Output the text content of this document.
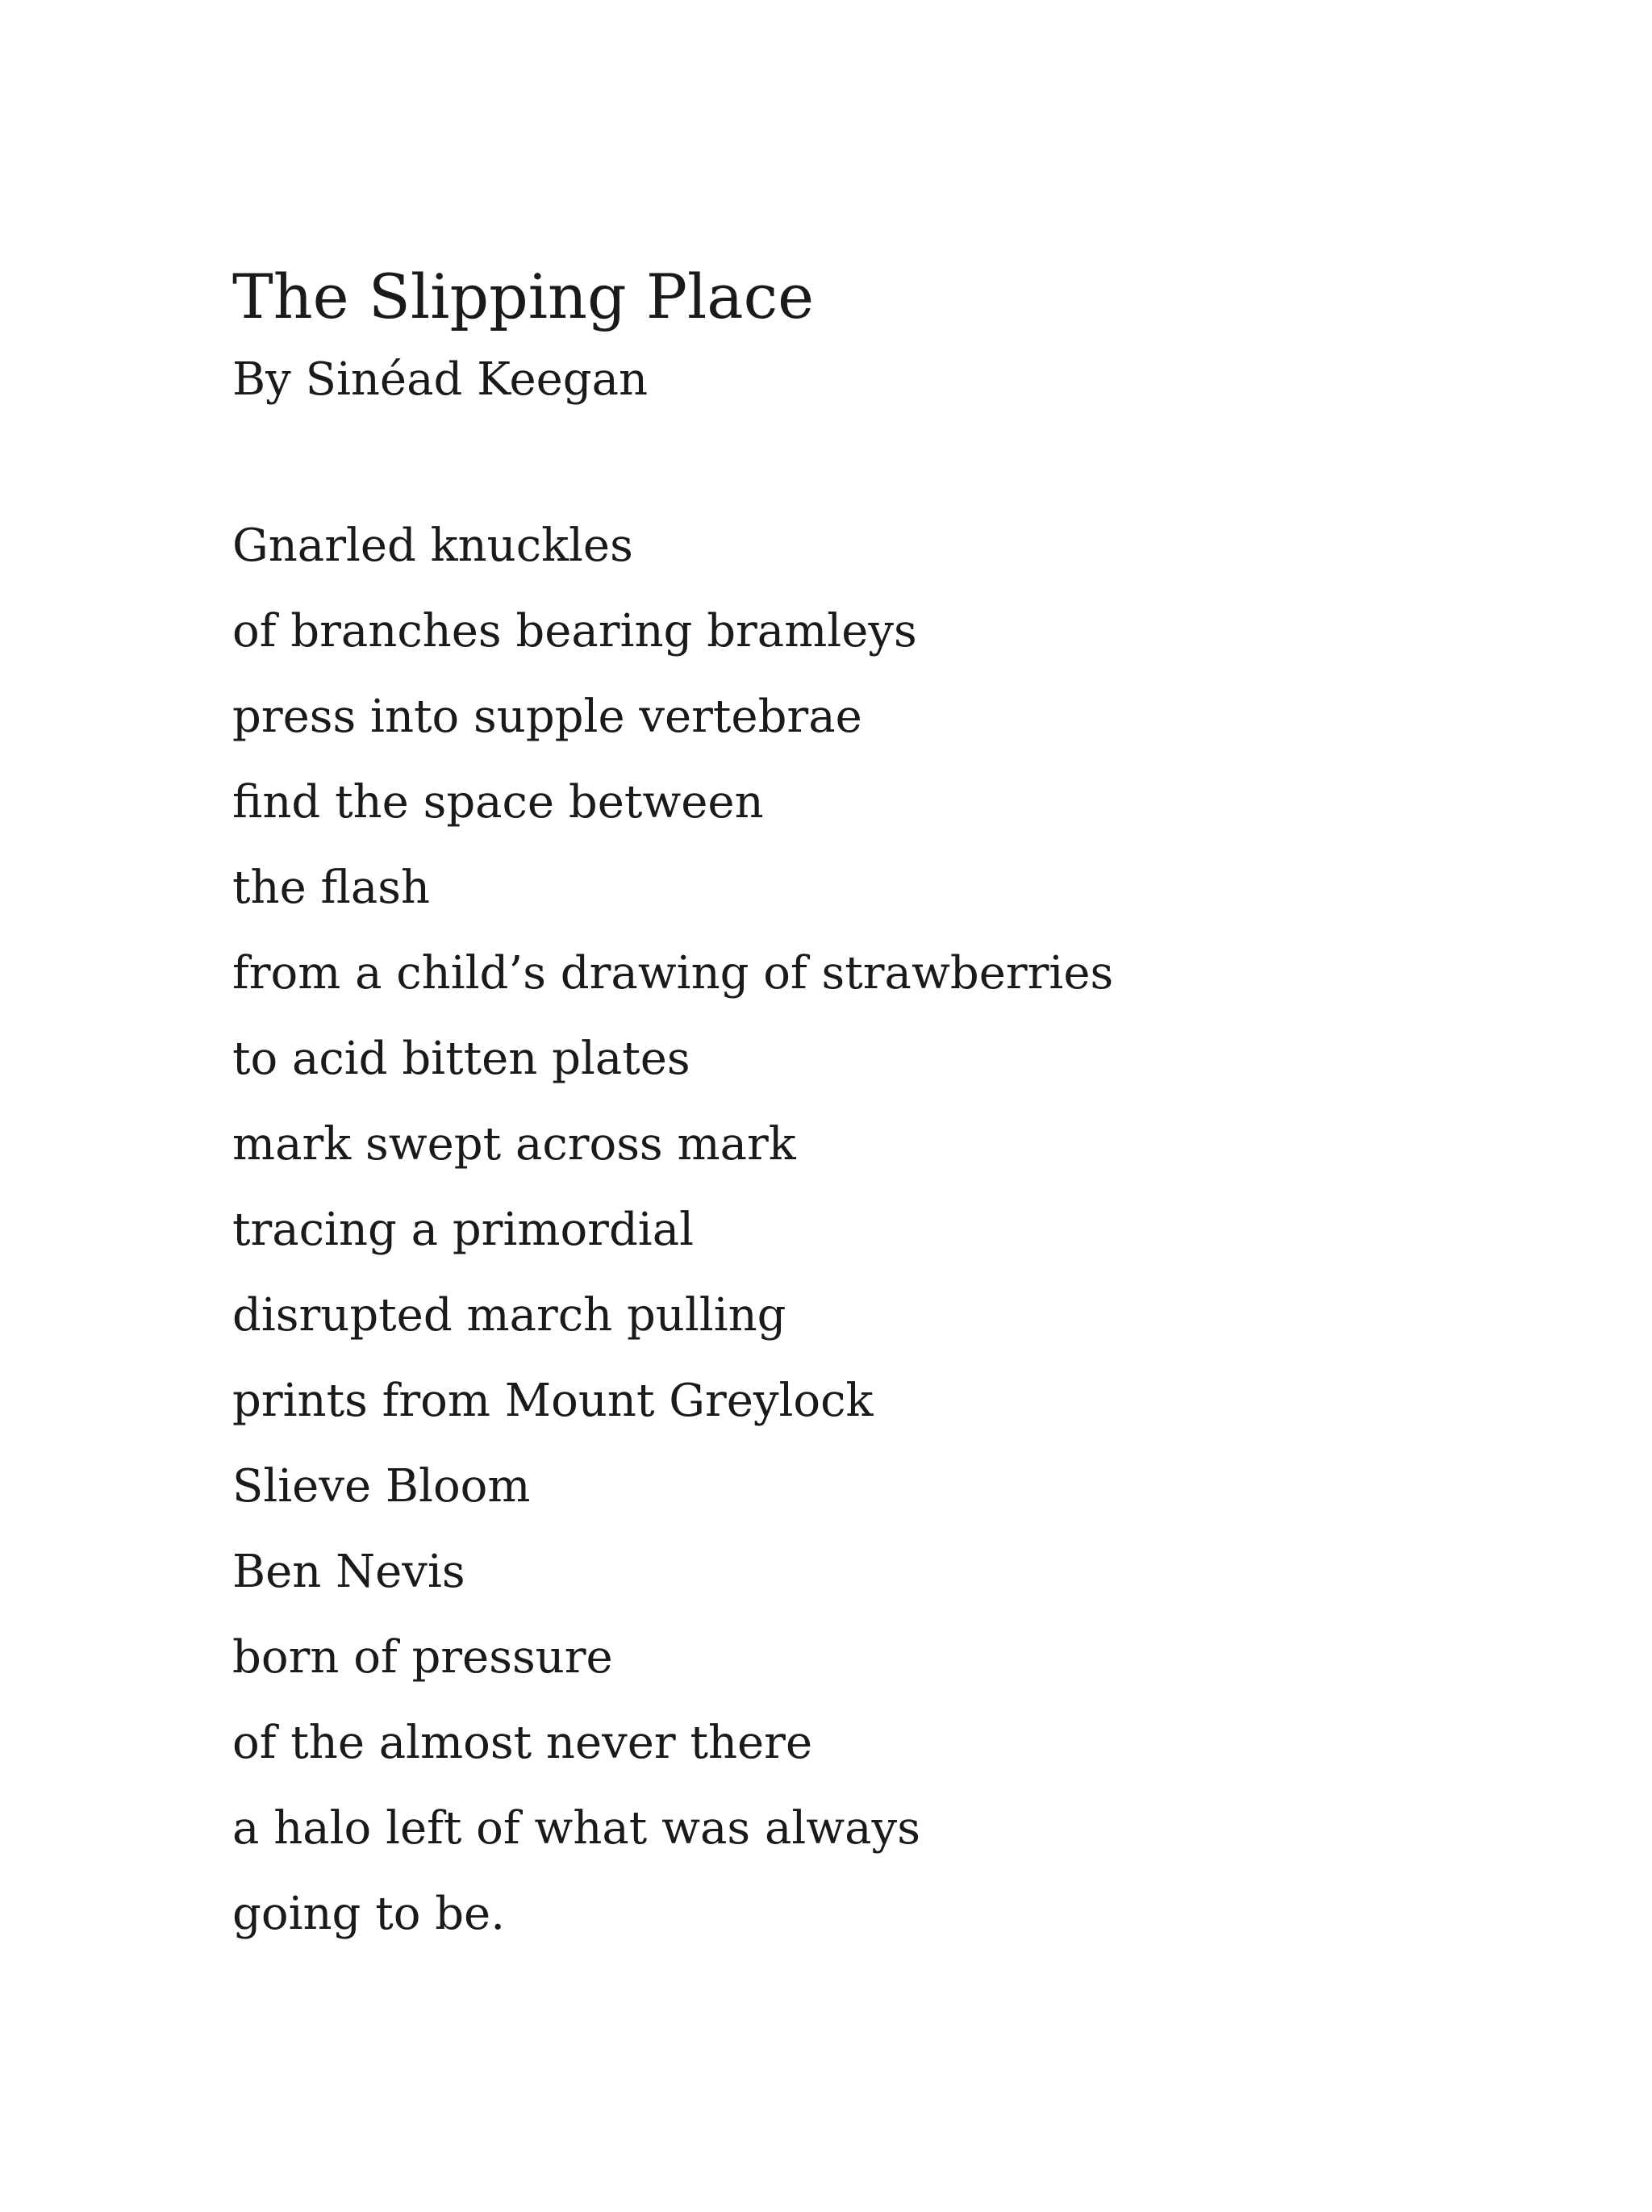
The Slipping Place
By Sinéad Keegan
Gnarled knuckles
of branches bearing bramleys
press into supple vertebrae
find the space between
the flash
from a child’s drawing of strawberries
to acid bitten plates
mark swept across mark
tracing a primordial
disrupted march pulling
prints from Mount Greylock
Slieve Bloom
Ben Nevis
born of pressure
of the almost never there
a halo left of what was always
going to be.
